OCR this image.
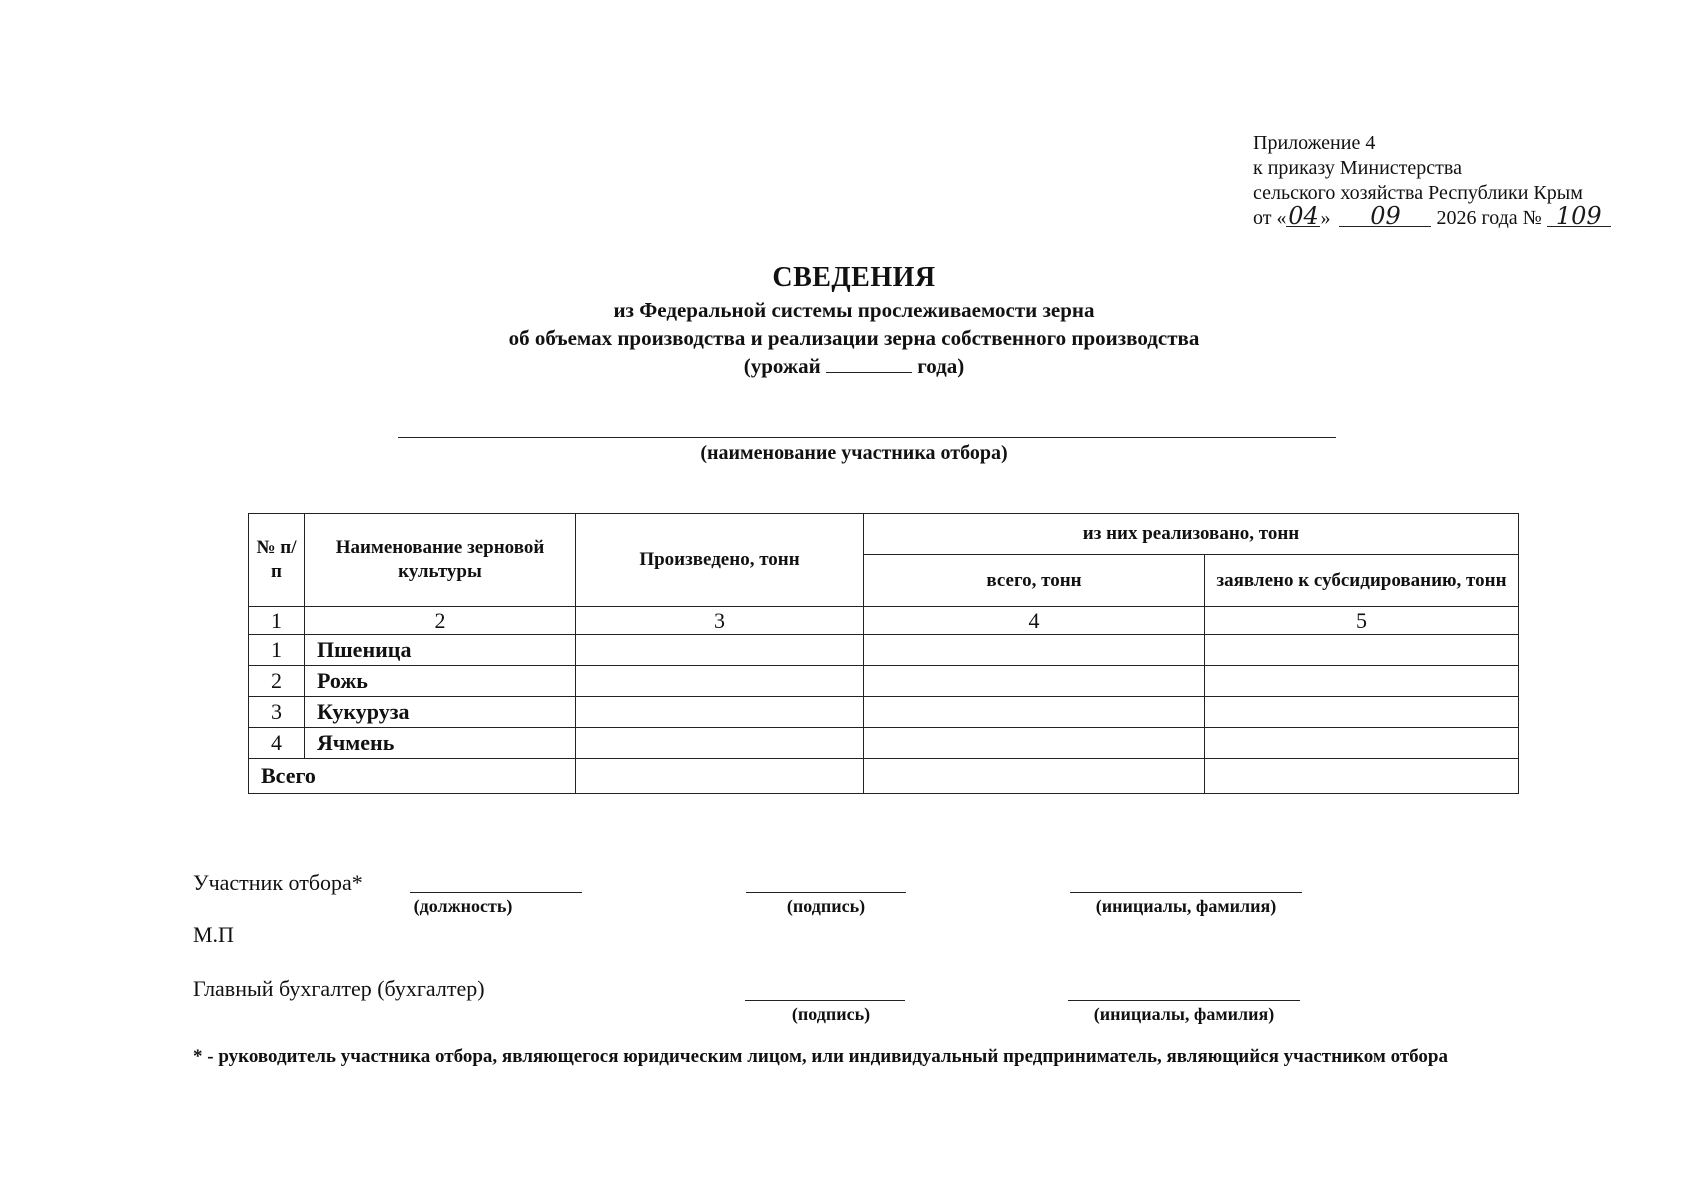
Приложение 4
к приказу Министерства
сельского хозяйства Республики Крым
от «04» 09 2026 года № 109
СВЕДЕНИЯ
из Федеральной системы прослеживаемости зерна
об объемах производства и реализации зерна собственного производства
(урожай	года)
(наименование участника отбора)
№ п/п	Наименование зерновой культуры	Произведено, тонн	из них реализовано, тонн	
			всего, тонн	заявлено к субсидированию, тонн
1	2	3	4	5
1	Пшеница			
2	Рожь			
3	Кукуруза			
4	Ячмень			
Всего				
Участник отбора*
(должность)	(подпись)	(инициалы, фамилия)
М.П
Главный бухгалтер (бухгалтер)
(подпись)	(инициалы, фамилия)
* - руководитель участника отбора, являющегося юридическим лицом, или индивидуальный предприниматель, являющийся участником отбора
